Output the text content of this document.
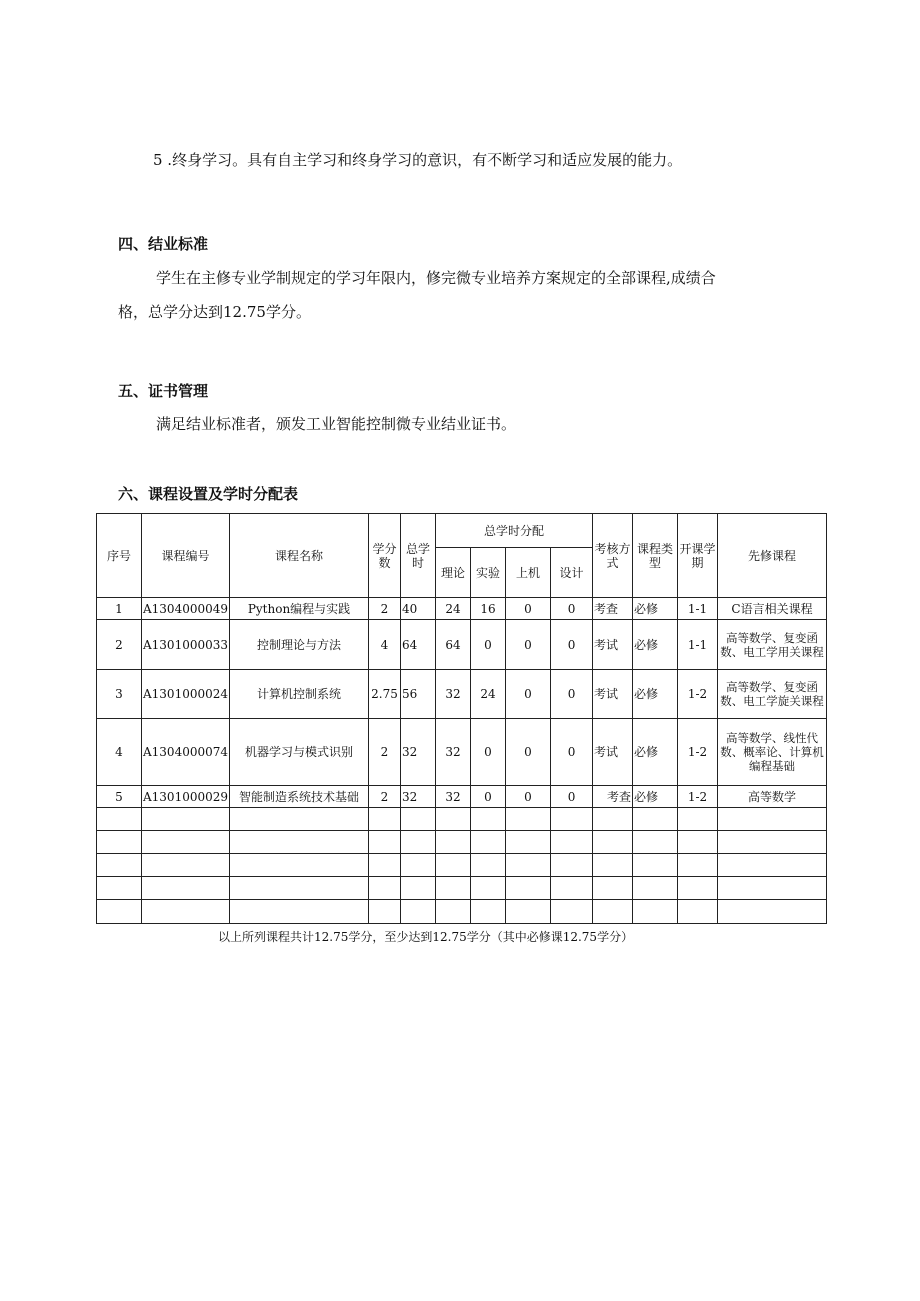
5 .终身学习。具有自主学习和终身学习的意识，有不断学习和适应发展的能力。
四、结业标准
学生在主修专业学制规定的学习年限内，修完微专业培养方案规定的全部课程,成绩合
格，总学分达到12.75学分。
五、证书管理
满足结业标准者，颁发工业智能控制微专业结业证书。
六、课程设置及学时分配表
序号	课程编号	课程名称	学分数	总学时	总学时分配				考核方式	课程类型	开课学期	先修课程
					理论	实验	上机	设计				
1	A1304000049	Python编程与实践	2	40	24	16	0	0	考查	必修	1-1	C语言相关课程
2	A1301000033	控制理论与方法	4	64	64	0	0	0	考试	必修	1-1	高等数学、复变函数、电工学用关课程
3	A1301000024	计算机控制系统	2.75	56	32	24	0	0	考试	必修	1-2	高等数学、复变函数、电工学旋关课程
4	A1304000074	机器学习与模式识别	2	32	32	0	0	0	考试	必修	1-2	高等数学、线性代数、概率论、计算机编程基础
5	A1301000029	智能制造系统技术基础	2	32	32	0	0	0	考查	必修	1-2	高等数学

以上所列课程共计12.75学分，至少达到12.75学分（其中必修课12.75学分）
